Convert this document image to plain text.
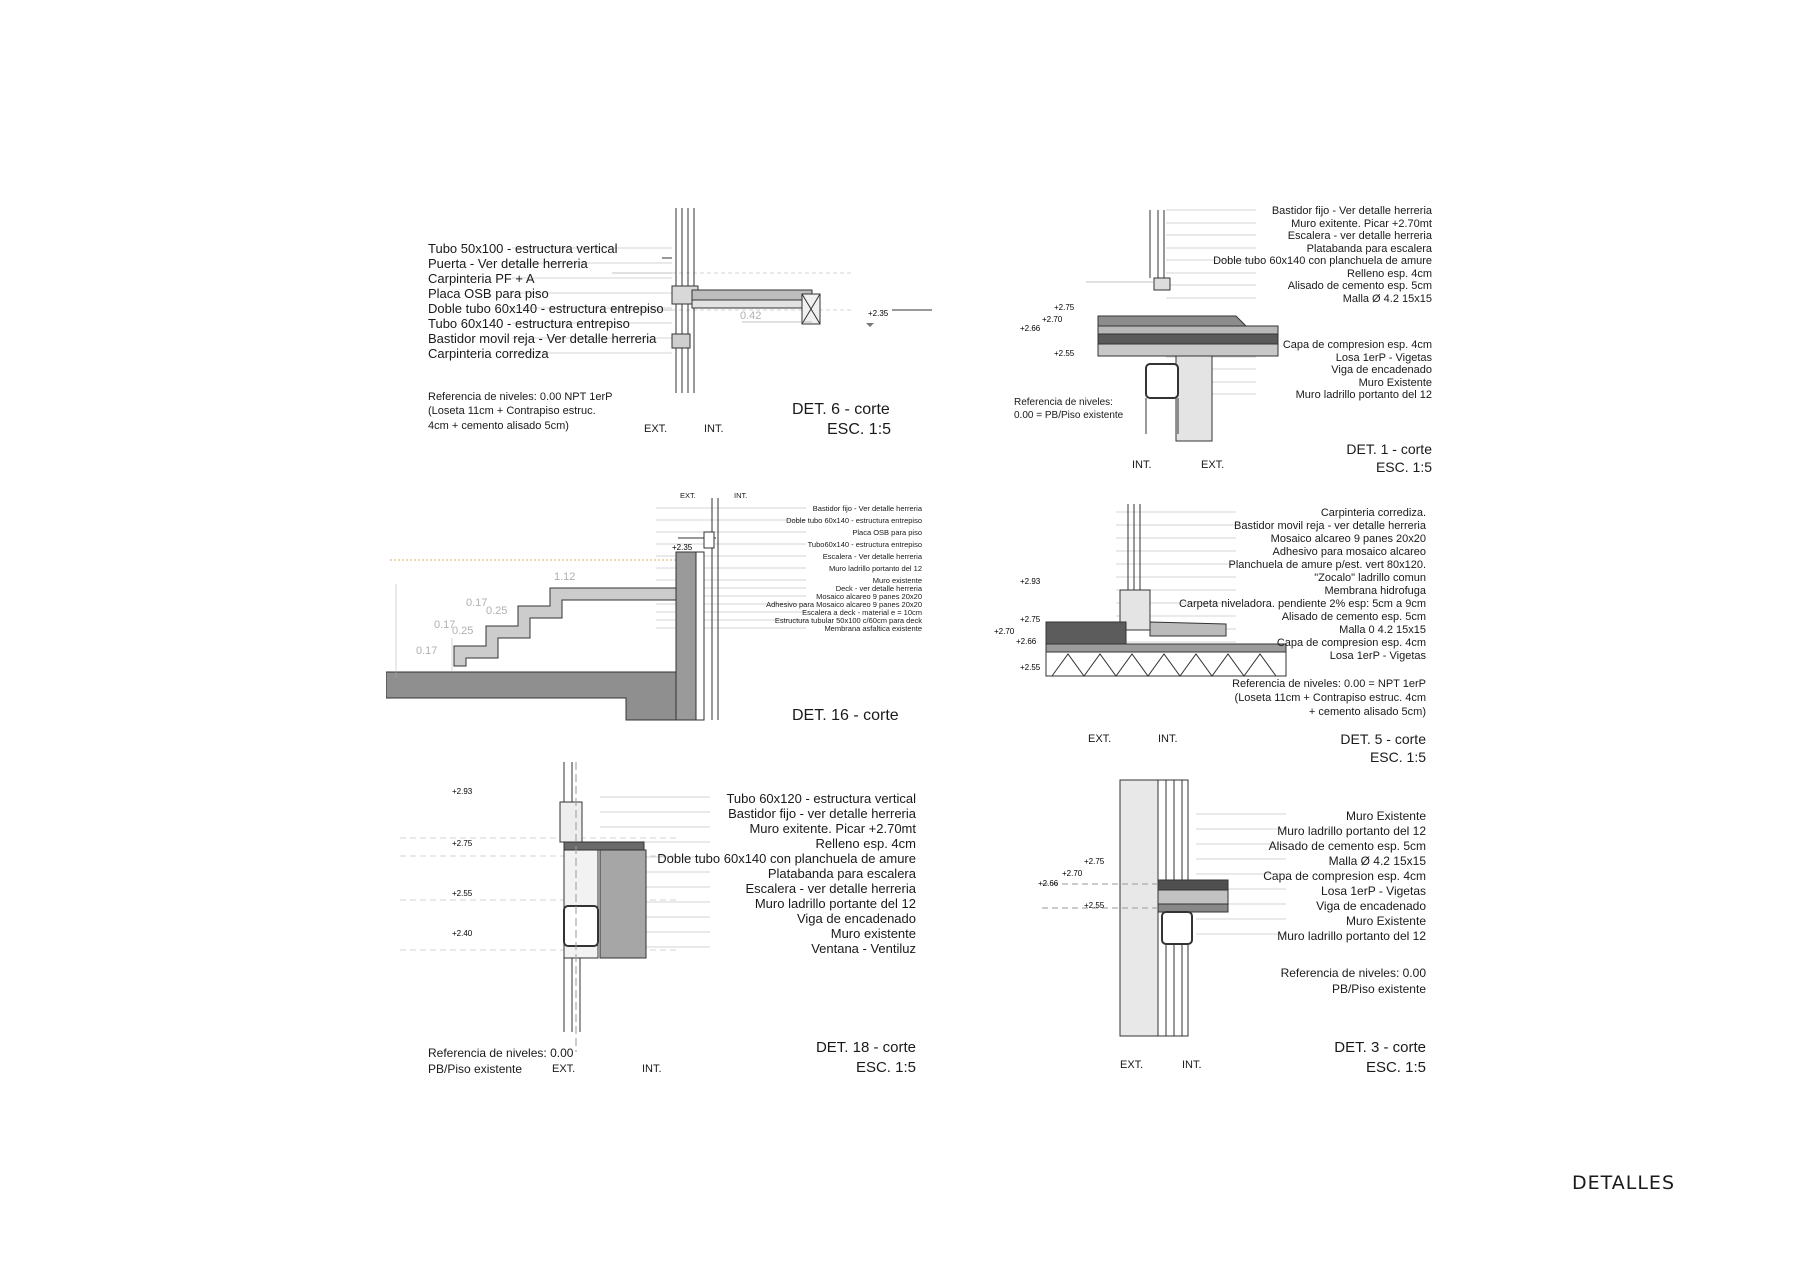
0.42	+2.35
Tubo 50x100 - estructura vertical
Puerta - Ver detalle herreria
Carpinteria PF + A
Placa OSB para piso
Doble tubo 60x140 - estructura entrepiso
Tubo 60x140 - estructura entrepiso
Bastidor movil reja - Ver detalle herreria
Carpinteria corrediza
Referencia de niveles: 0.00 NPT 1erP
(Loseta 11cm + Contrapiso estruc.
4cm + cemento alisado 5cm)	EXT.	INT.
DET. 6 - corte
ESC. 1:5
+2.75
+2.70
+2.66
+2.55
Bastidor fijo - Ver detalle herreria
Muro exitente. Picar +2.70mt
Escalera - ver detalle herreria
Platabanda para escalera
Doble tubo 60x140 con planchuela de amure
Relleno esp. 4cm
Alisado de cemento esp. 5cm
Malla Ø 4.2 15x15
Capa de compresion esp. 4cm
Losa 1erP - Vigetas
Viga de encadenado
Muro Existente
Muro ladrillo portanto del 12
Referencia de niveles:
0.00 = PB/Piso existente
INT.	EXT.
DET. 1 - corte
ESC. 1:5
1.12
0.25
0.25
0.17
0.17
0.17
+2.35
EXT.	INT.
Bastidor fijo - Ver detalle herreria
Doble tubo 60x140 - estructura entrepiso
Placa OSB para piso
Tubo60x140 - estructura entrepiso
Escalera - Ver detalle herreria
Muro ladrillo portanto del 12
Muro existente
Deck - ver detalle herreria
Mosaico alcareo 9 panes 20x20
Adhesivo para Mosaico alcareo 9 panes 20x20
Escalera a deck - material e = 10cm
Estructura tubular 50x100 c/60cm para deck
Membrana asfaltica existente
DET. 16 - corte
+2.93
+2.75
+2.70
+2.66
+2.55
Carpinteria corrediza.
Bastidor movil reja - ver detalle herreria
Mosaico alcareo 9 panes 20x20
Adhesivo para mosaico alcareo
Planchuela de amure p/est. vert 80x120.
"Zocalo" ladrillo comun
Membrana hidrofuga
Carpeta niveladora. pendiente 2% esp: 5cm a 9cm
Alisado de cemento esp. 5cm
Malla 0 4.2 15x15
Capa de compresion esp. 4cm
Losa 1erP - Vigetas
Referencia de niveles: 0.00 = NPT 1erP
(Loseta 11cm + Contrapiso estruc. 4cm
+ cemento alisado 5cm)
EXT.	INT.	DET. 5 - corte
ESC. 1:5
+2.93
+2.75
+2.55
+2.40
Tubo 60x120 - estructura vertical
Bastidor fijo - ver detalle herreria
Muro exitente. Picar +2.70mt
Relleno esp. 4cm
Doble tubo 60x140 con planchuela de amure
Platabanda para escalera
Escalera - ver detalle herreria
Muro ladrillo portante del 12
Viga de encadenado
Muro existente
Ventana - Ventiluz
Referencia de niveles: 0.00
PB/Piso existente	EXT.	INT.
DET. 18 - corte
ESC. 1:5
+2.75
+2.70
+2.66
+2.55
Muro Existente
Muro ladrillo portanto del 12
Alisado de cemento esp. 5cm
Malla Ø 4.2 15x15
Capa de compresion esp. 4cm
Losa 1erP - Vigetas
Viga de encadenado
Muro Existente
Muro ladrillo portanto del 12
Referencia de niveles: 0.00
PB/Piso existente
EXT.	INT.
DET. 3 - corte
ESC. 1:5
DETALLES
